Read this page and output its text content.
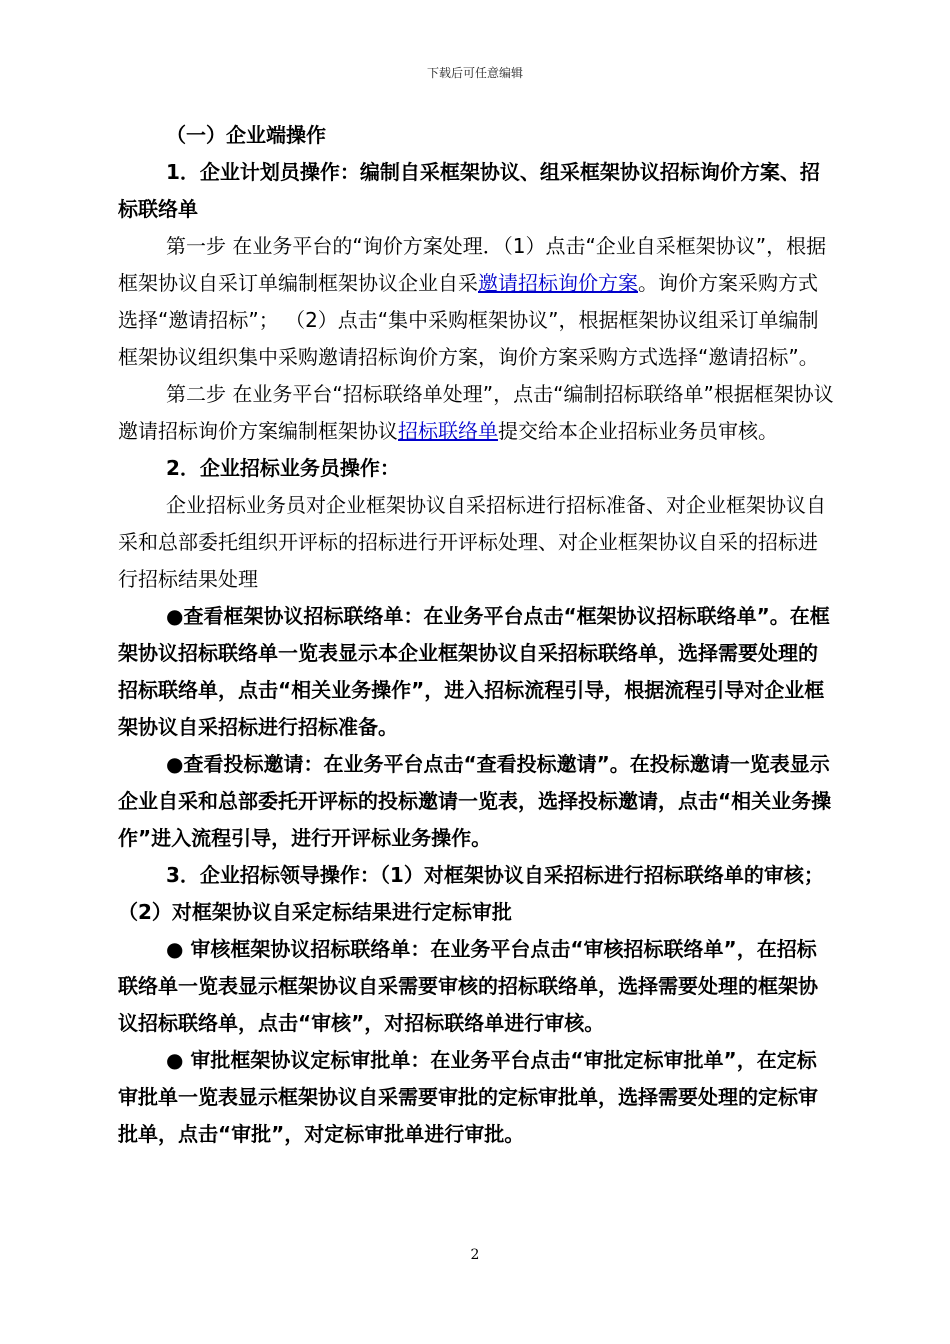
下载后可任意编辑

（一）企业端操作

1．企业计划员操作：编制自采框架协议、组采框架协议招标询价方案、招标联络单

第一步 在业务平台的“询价方案处理．（1）点击“企业自采框架协议”，根据框架协议自采订单编制框架协议企业自采邀请招标询价方案。询价方案采购方式选择“邀请招标”； （2）点击“集中采购框架协议”，根据框架协议组采订单编制框架协议组织集中采购邀请招标询价方案，询价方案采购方式选择“邀请招标”。

第二步 在业务平台“招标联络单处理”，点击“编制招标联络单”根据框架协议邀请招标询价方案编制框架协议招标联络单提交给本企业招标业务员审核。

2．企业招标业务员操作：

企业招标业务员对企业框架协议自采招标进行招标准备、对企业框架协议自采和总部委托组织开评标的招标进行开评标处理、对企业框架协议自采的招标进行招标结果处理

●查看框架协议招标联络单：在业务平台点击“框架协议招标联络单”。在框架协议招标联络单一览表显示本企业框架协议自采招标联络单，选择需要处理的招标联络单，点击“相关业务操作”，进入招标流程引导，根据流程引导对企业框架协议自采招标进行招标准备。

●查看投标邀请：在业务平台点击“查看投标邀请”。在投标邀请一览表显示企业自采和总部委托开评标的投标邀请一览表，选择投标邀请，点击“相关业务操作”进入流程引导，进行开评标业务操作。

3．企业招标领导操作：（1）对框架协议自采招标进行招标联络单的审核；（2）对框架协议自采定标结果进行定标审批

● 审核框架协议招标联络单：在业务平台点击“审核招标联络单”，在招标联络单一览表显示框架协议自采需要审核的招标联络单，选择需要处理的框架协议招标联络单，点击“审核”，对招标联络单进行审核。

● 审批框架协议定标审批单：在业务平台点击“审批定标审批单”，在定标审批单一览表显示框架协议自采需要审批的定标审批单，选择需要处理的定标审批单，点击“审批”，对定标审批单进行审批。

2
